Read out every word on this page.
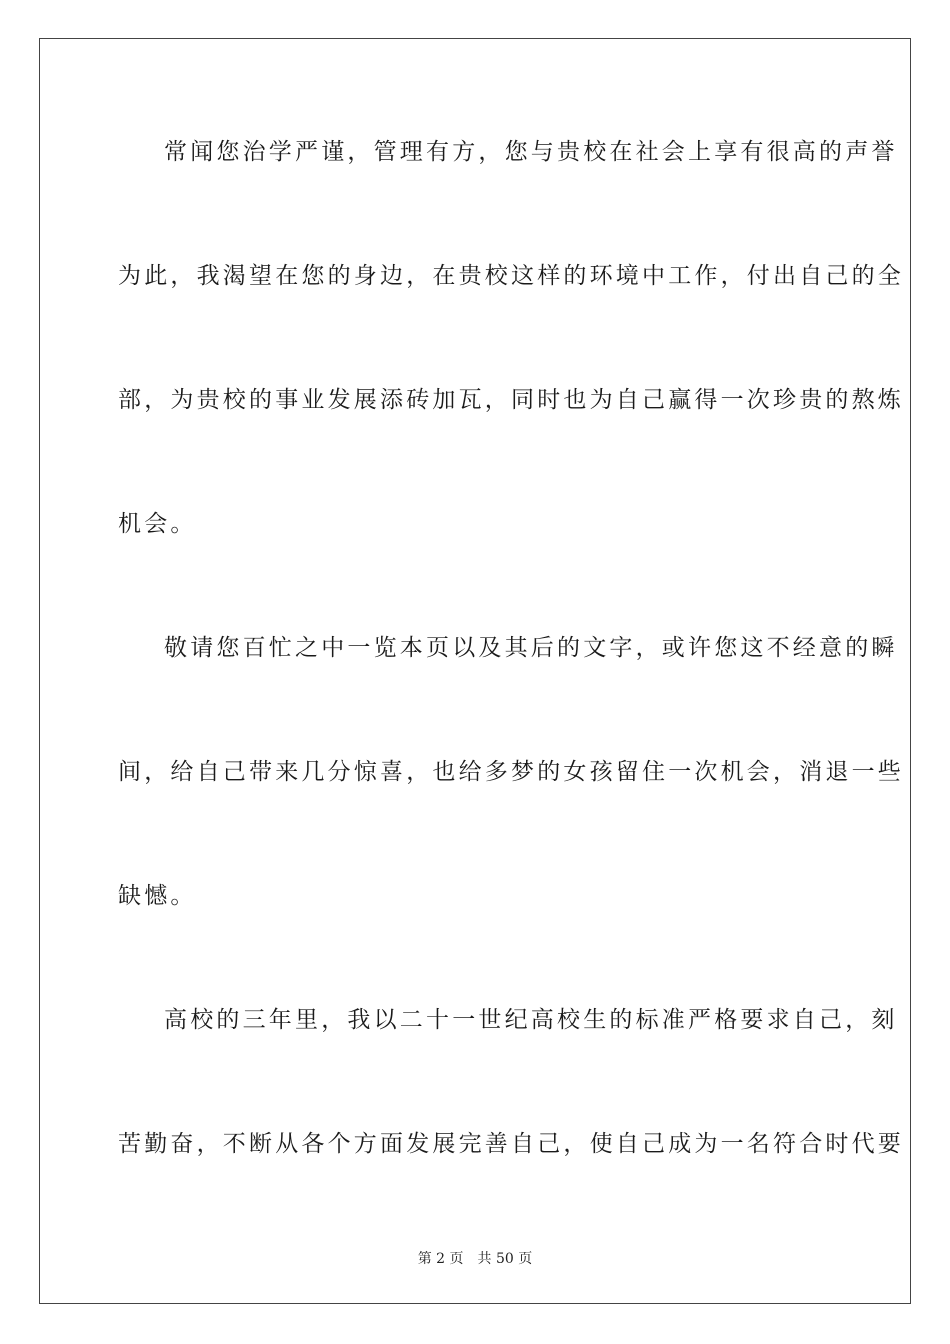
常闻您治学严谨，管理有方，您与贵校在社会上享有很高的声誉
为此，我渴望在您的身边，在贵校这样的环境中工作，付出自己的全
部，为贵校的事业发展添砖加瓦，同时也为自己赢得一次珍贵的熬炼
机会。
敬请您百忙之中一览本页以及其后的文字，或许您这不经意的瞬
间，给自己带来几分惊喜，也给多梦的女孩留住一次机会，消退一些
缺憾。
高校的三年里，我以二十一世纪高校生的标准严格要求自己，刻
苦勤奋，不断从各个方面发展完善自己，使自己成为一名符合时代要
第 2 页　共 50 页
